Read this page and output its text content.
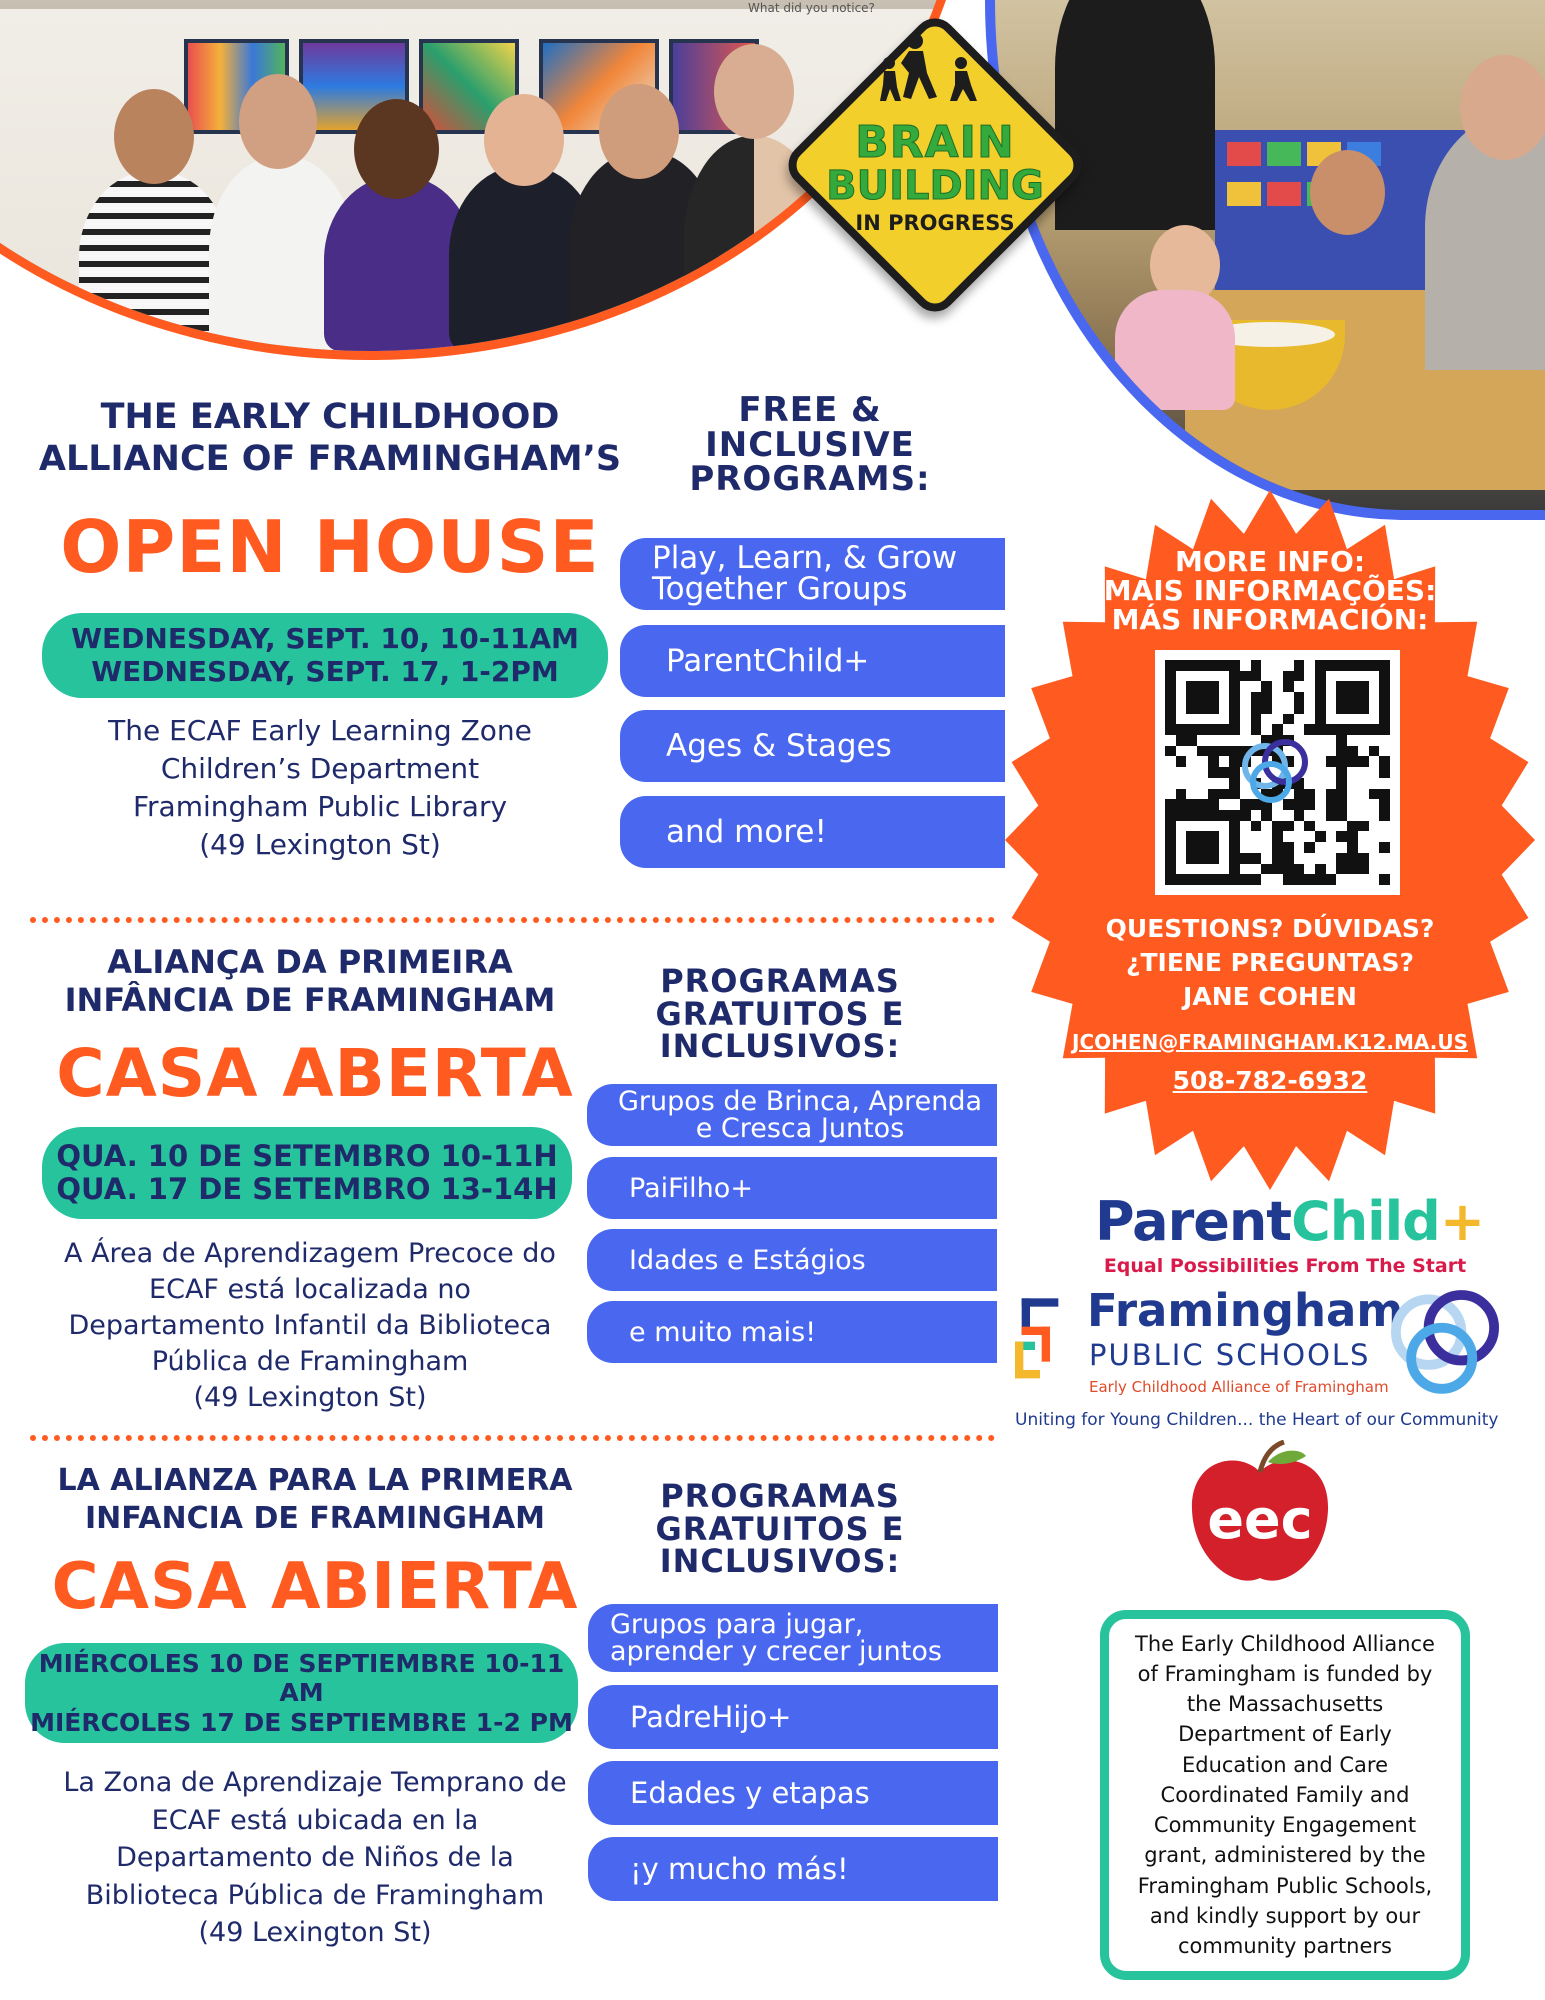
BRAIN
BUILDING
IN PROGRESS
THE EARLY CHILDHOOD
ALLIANCE OF FRAMINGHAM’S
OPEN HOUSE
WEDNESDAY, SEPT. 10, 10-11AM
WEDNESDAY, SEPT. 17, 1-2PM
The ECAF Early Learning Zone
Children’s Department
Framingham Public Library
(49 Lexington St)
FREE &
INCLUSIVE
PROGRAMS:
Play, Learn, & Grow
Together Groups
ParentChild+
Ages & Stages
and more!
ALIANÇA DA PRIMEIRA
INFÂNCIA DE FRAMINGHAM
CASA ABERTA
QUA. 10 DE SETEMBRO 10-11H
QUA. 17 DE SETEMBRO 13-14H
A Área de Aprendizagem Precoce do
ECAF está localizada no
Departamento Infantil da Biblioteca
Pública de Framingham
(49 Lexington St)
PROGRAMAS
GRATUITOS E
INCLUSIVOS:
Grupos de Brinca, Aprenda
e Cresca Juntos
PaiFilho+
Idades e Estágios
e muito mais!
LA ALIANZA PARA LA PRIMERA
INFANCIA DE FRAMINGHAM
CASA ABIERTA
MIÉRCOLES 10 DE SEPTIEMBRE 10-11 AM
MIÉRCOLES 17 DE SEPTIEMBRE 1-2 PM
La Zona de Aprendizaje Temprano de
ECAF está ubicada en la
Departamento de Niños de la
Biblioteca Pública de Framingham
(49 Lexington St)
PROGRAMAS
GRATUITOS E
INCLUSIVOS:
Grupos para jugar,
aprender y crecer juntos
PadreHijo+
Edades y etapas
¡y mucho más!
MORE INFO:
MAIS INFORMAÇÕES:
MÁS INFORMACIÓN:
QUESTIONS? DÚVIDAS?
¿TIENE PREGUNTAS?
JANE COHEN
JCOHEN@FRAMINGHAM.K12.MA.US
508-782-6932
ParentChild+
Equal Possibilities From The Start
Framingham
PUBLIC SCHOOLS
Early Childhood Alliance of Framingham
Uniting for Young Children... the Heart of our Community
eec
The Early Childhood Alliance of Framingham is funded by the Massachusetts Department of Early Education and Care Coordinated Family and Community Engagement grant, administered by the Framingham Public Schools, and kindly support by our community partners
What did you notice?
